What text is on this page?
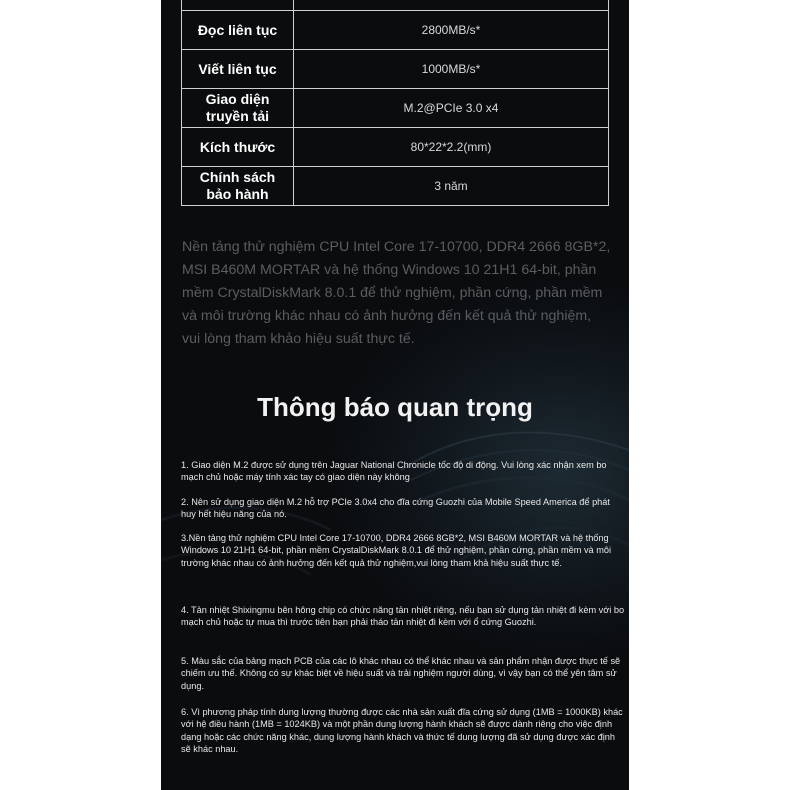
Đọc liên tục	2800MB/s*
Viết liên tục	1000MB/s*
Giao diện
truyền tải	M.2@PCIe 3.0 x4
Kích thước	80*22*2.2(mm)
Chính sách
bảo hành	3 năm
Nền tảng thử nghiệm CPU Intel Core 17-10700, DDR4 2666 8GB*2, MSI B460M MORTAR và hệ thống Windows 10 21H1 64-bit, phần mềm CrystalDiskMark 8.0.1 để thử nghiệm, phần cứng, phần mềm và môi trường khác nhau có ảnh hưởng đến kết quả thử nghiệm, vui lòng tham khảo hiệu suất thực tế.
Thông báo quan trọng
1. Giao diện M.2 được sử dụng trên Jaguar National Chronicle tốc độ di động. Vui lòng xác nhận xem bo mạch chủ hoặc máy tính xác tay có giao diện này không
2. Nên sử dụng giao diện M.2 hỗ trợ PCIe 3.0x4 cho đĩa cứng Guozhi của Mobile Speed America để phát huy hết hiệu năng của nó.
3.Nền tảng thử nghiệm CPU Intel Core 17-10700, DDR4 2666 8GB*2, MSI B460M MORTAR và hệ thống Windows 10 21H1 64-bit, phần mềm CrystalDiskMark 8.0.1 để thử nghiệm, phần cứng, phần mềm và môi trường khác nhau có ảnh hưởng đến kết quả thử nghiệm,vui lòng tham khả hiệu suất thực tế.
4. Tản nhiệt Shixingmu bên hông chip có chức năng tản nhiệt riêng, nếu bạn sử dụng tản nhiệt đi kèm với bo mạch chủ hoặc tự mua thì trước tiên bạn phải tháo tản nhiệt đi kèm với ổ cứng Guozhi.
5. Màu sắc của bảng mạch PCB của các lô khác nhau có thể khác nhau và sản phẩm nhận được thực tế sẽ chiếm ưu thế. Không có sự khác biệt về hiệu suất và trải nghiệm người dùng, vì vậy bạn có thể yên tâm sử dụng.
6. Vì phương pháp tính dung lượng thường được các nhà sản xuất đĩa cứng sử dụng (1MB = 1000KB) khác với hệ điều hành (1MB = 1024KB) và một phần dung lượng hành khách sẽ được dành riêng cho việc định dạng hoặc các chức năng khác, dung lượng hành khách và thức tế dung lượng đã sử dụng được xác định sẽ khác nhau.
